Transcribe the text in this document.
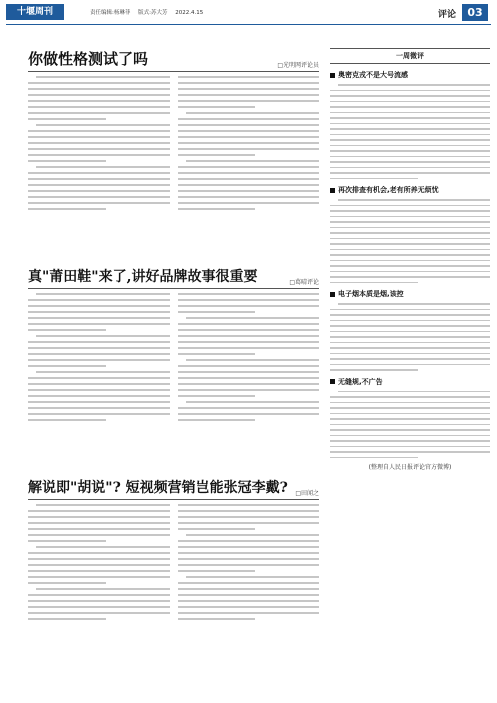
十堰周刊	责任编辑:杨琳菲 版式:苏大芳 2022.4.15	评论	03
你做性格测试了吗	□光明网评论员
真"莆田鞋"来了,讲好品牌故事很重要	□葛晴评论
解说即"胡说"? 短视频营销岂能张冠李戴? □田闻之
一周微评
奥密克戎不是大号流感
再次排查有机会,老有所养无烦忧
电子烟本质是烟,该控
无缝规,不广告
(整理自人民日报评论官方微博)
